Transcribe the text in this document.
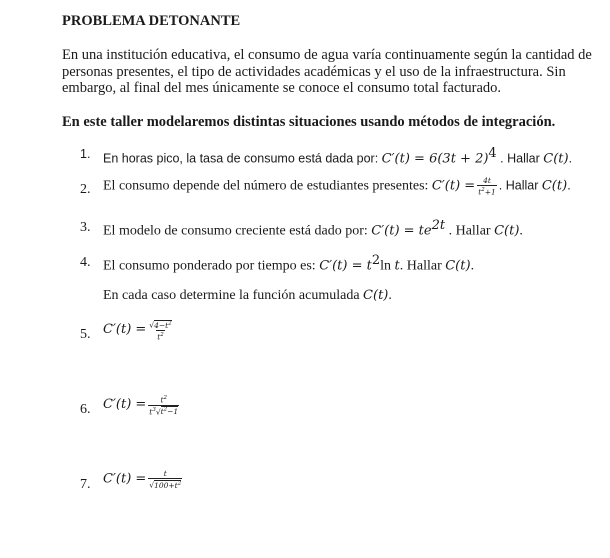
PROBLEMA DETONANTE
En una institución educativa, el consumo de agua varía continuamente según la cantidad de
personas presentes, el tipo de actividades académicas y el uso de la infraestructura. Sin
embargo, al final del mes únicamente se conoce el consumo total facturado.
En este taller modelaremos distintas situaciones usando métodos de integración.
1. En horas pico, la tasa de consumo está dada por: $C'(t) = 6(3t + 2)^4$ . Hallar C(t).
2. El consumo depende del número de estudiantes presentes: $C'(t) = \frac{4t}{t^2+1}$ . Hallar C(t).
3. El modelo de consumo creciente está dado por: $C'(t) = te^{2t}$ . Hallar C(t).
4. El consumo ponderado por tiempo es: $C'(t) = t^2\ln$ t. Hallar C(t).
En cada caso determine la función acumulada C(t).
5. $C'(t) = \frac{√4-t^2}{t^2}$
6. $C'(t) = \frac{t^2}{t^3√t^2-1}$
7. $C'(t) = \frac{t}{√100+t^2}$
